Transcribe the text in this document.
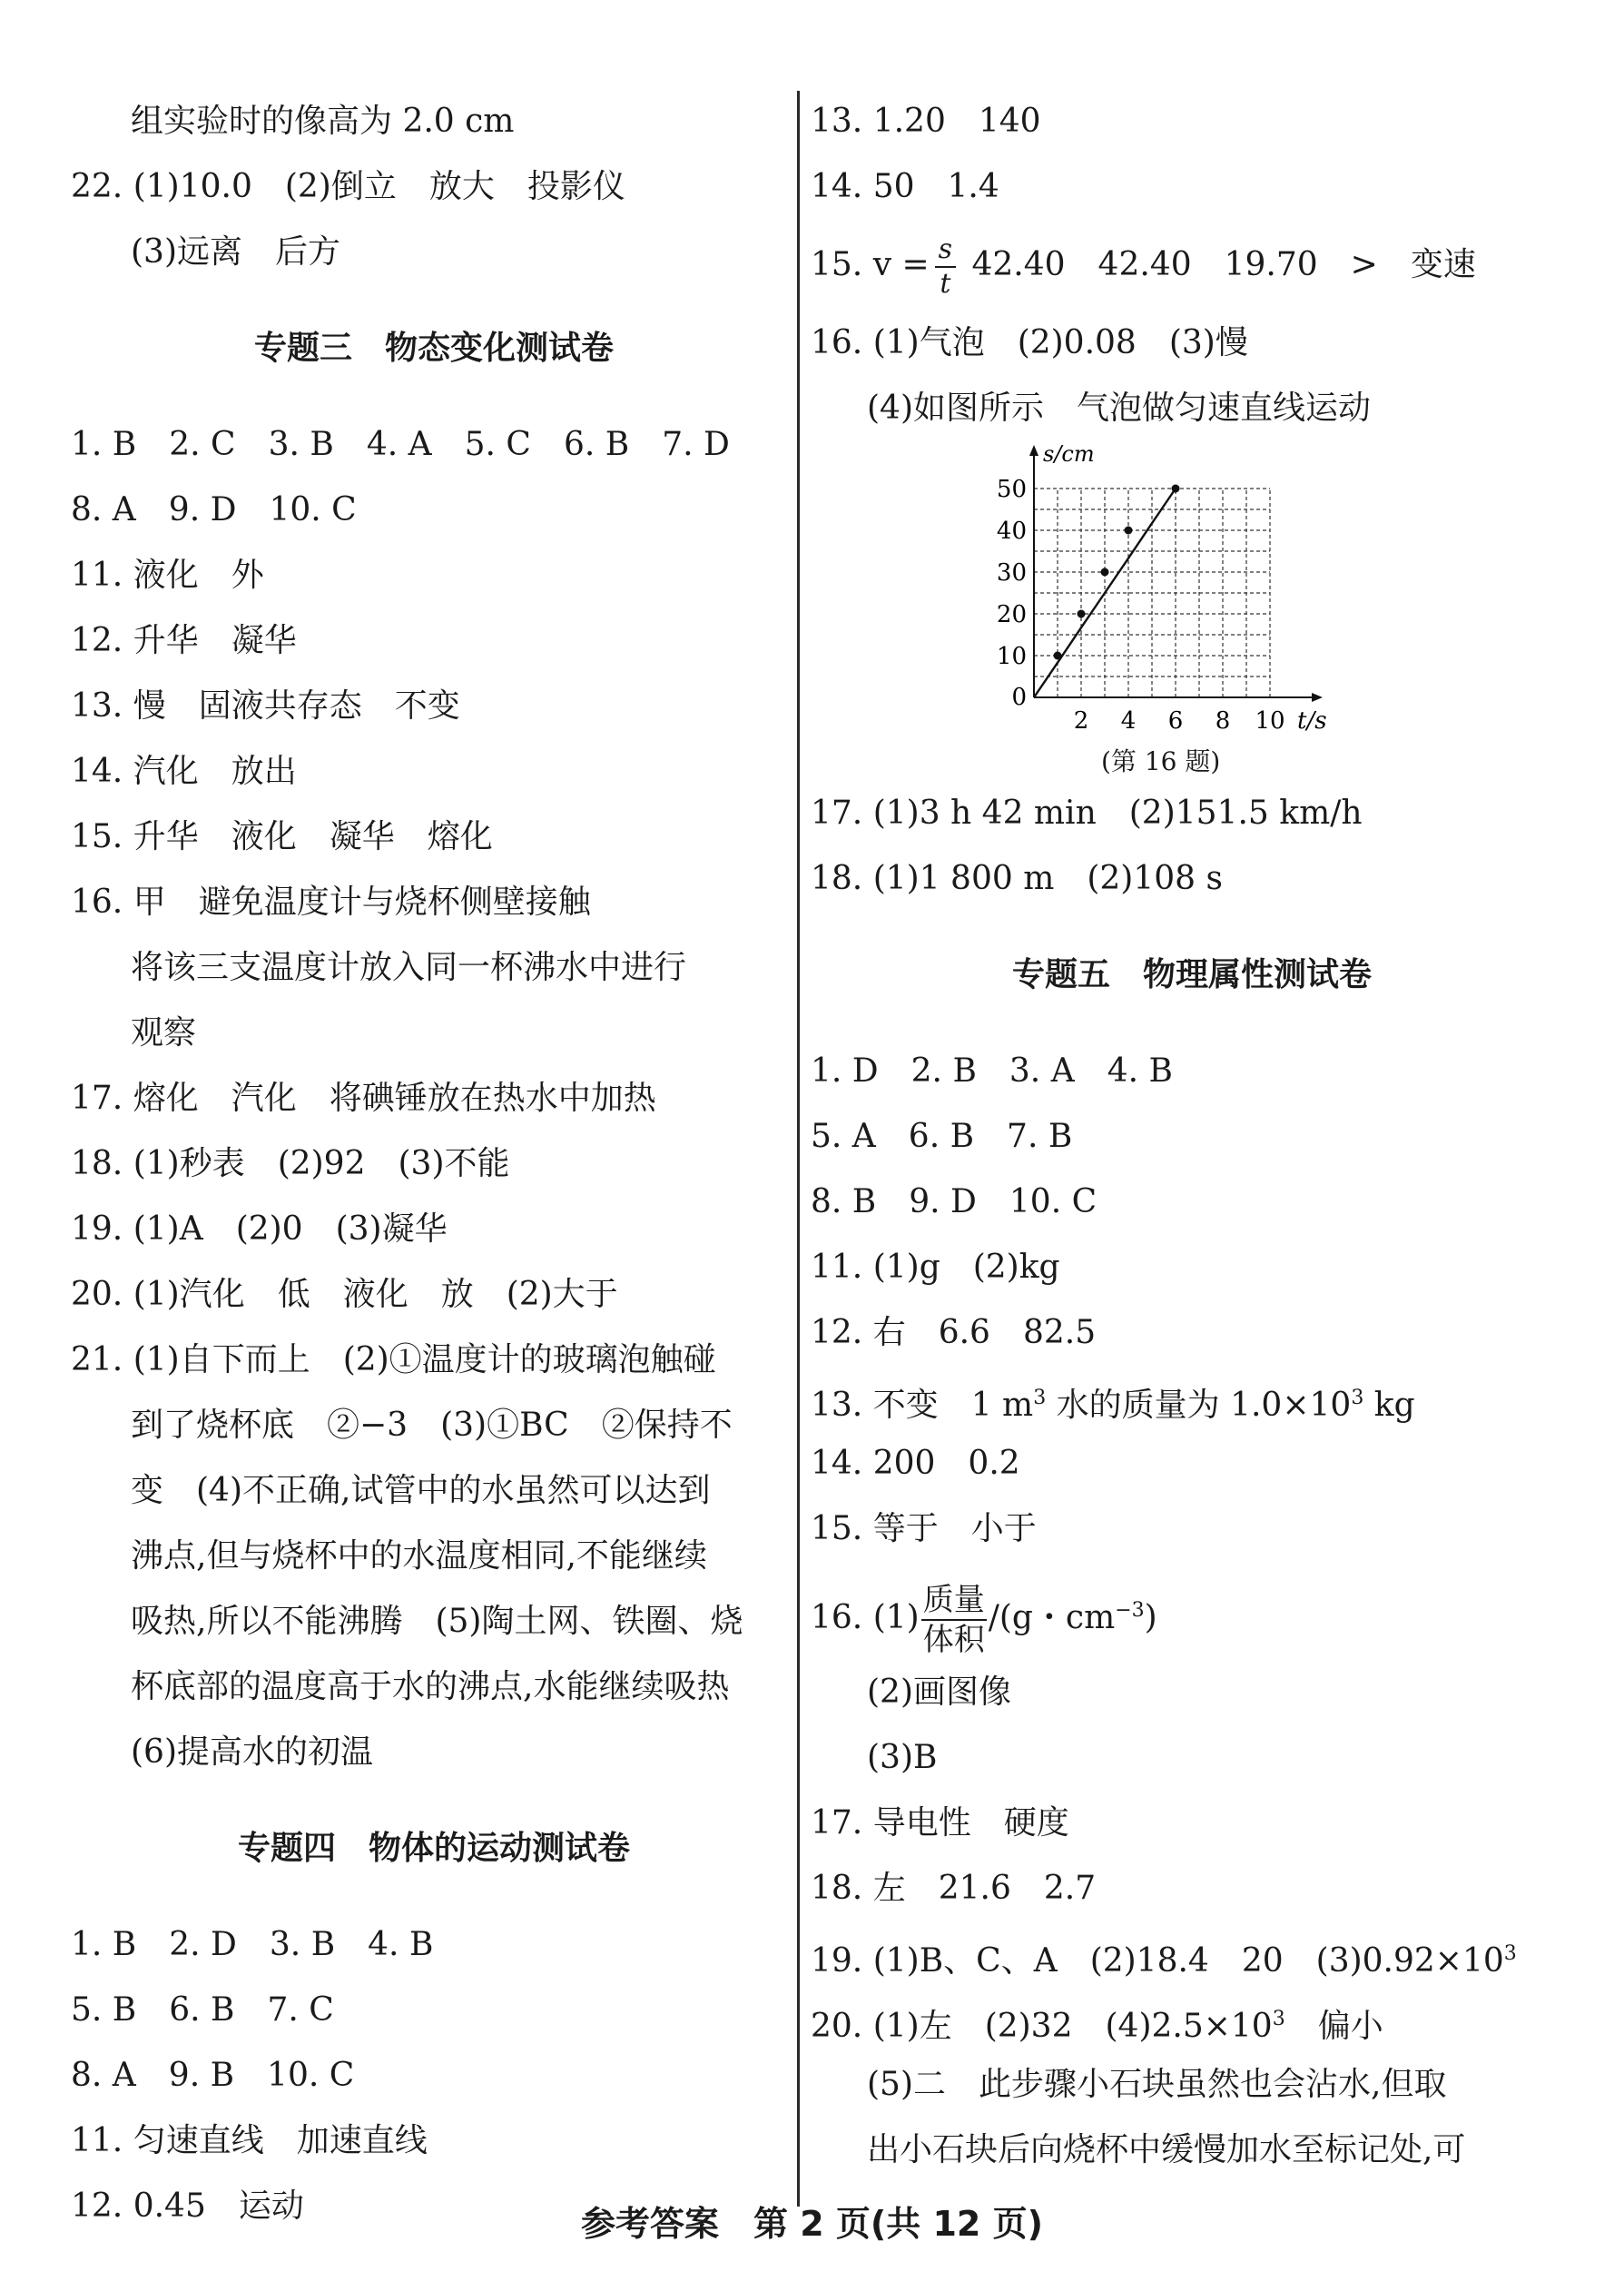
组实验时的像高为 2.0 cm
22. (1)10.0　(2)倒立　放大　投影仪
(3)远离　后方
专题三　物态变化测试卷
1. B　2. C　3. B　4. A　5. C　6. B　7. D
8. A　9. D　10. C
11. 液化　外
12. 升华　凝华
13. 慢　固液共存态　不变
14. 汽化　放出
15. 升华　液化　凝华　熔化
16. 甲　避免温度计与烧杯侧壁接触
将该三支温度计放入同一杯沸水中进行
观察
17. 熔化　汽化　将碘锤放在热水中加热
18. (1)秒表　(2)92　(3)不能
19. (1)A　(2)0　(3)凝华
20. (1)汽化　低　液化　放　(2)大于
21. (1)自下而上　(2)①温度计的玻璃泡触碰
到了烧杯底　②−3　(3)①BC　②保持不
变　(4)不正确,试管中的水虽然可以达到
沸点,但与烧杯中的水温度相同,不能继续
吸热,所以不能沸腾　(5)陶土网、铁圈、烧
杯底部的温度高于水的沸点,水能继续吸热
(6)提高水的初温
专题四　物体的运动测试卷
1. B　2. D　3. B　4. B
5. B　6. B　7. C
8. A　9. B　10. C
11. 匀速直线　加速直线
12. 0.45　运动
13. 1.20　140
14. 50　1.4
15. $v = \frac{s}{t} 42.40$　42.40　19.70　>　变速
16. (1)气泡　(2)0.08　(3)慢
(4)如图所示　气泡做匀速直线运动
2 4 6 8 10
10
20
30
40
50
0
t/s
s/cm
(第 16 题)
17. (1)3 h 42 min　(2)151.5 km/h
18. (1)1 800 m　(2)108 s
专题五　物理属性测试卷
1. D　2. B　3. A　4. B
5. A　6. B　7. B
8. B　9. D　10. C
11. (1)g　(2)kg
12. 右　6.6　82.5
13. 不变　1 $m^3$ 水的质量为 $1.0\times 10^3$ kg
14. 200　0.2
15. 等于　小于
16. (1) 质量
体积
/(g・$cm^{-3}$)
(2)画图像
(3)B
17. 导电性　硬度
18. 左　21.6　2.7
19. (1)B、C、A　(2)18.4　20　$(3)0.92\times 10^3$
20. (1)左　(2)32　$(4)2.5\times 10^3$　偏小
(5)二　此步骤小石块虽然也会沾水,但取
出小石块后向烧杯中缓慢加水至标记处,可
参考答案　第 2 页(共 12 页)
